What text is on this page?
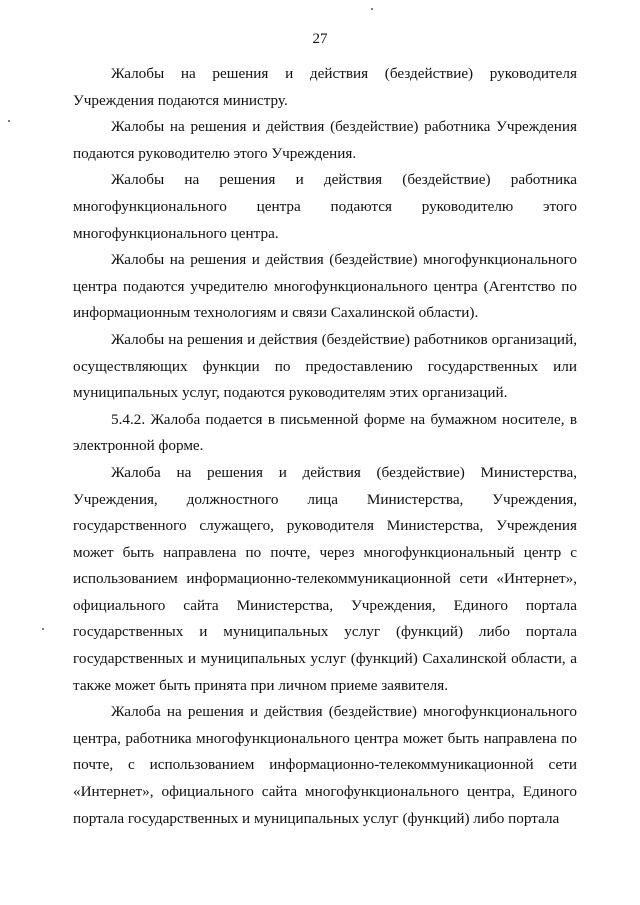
27

Жалобы на решения и действия (бездействие) руководителя Учреждения подаются министру.

Жалобы на решения и действия (бездействие) работника Учреждения подаются руководителю этого Учреждения.

Жалобы на решения и действия (бездействие) работника многофункционального центра подаются руководителю этого многофункционального центра.

Жалобы на решения и действия (бездействие) многофункционального центра подаются учредителю многофункционального центра (Агентство по информационным технологиям и связи Сахалинской области).

Жалобы на решения и действия (бездействие) работников организаций, осуществляющих функции по предоставлению государственных или муниципальных услуг, подаются руководителям этих организаций.

5.4.2. Жалоба подается в письменной форме на бумажном носителе, в электронной форме.

Жалоба на решения и действия (бездействие) Министерства, Учреждения, должностного лица Министерства, Учреждения, государственного служащего, руководителя Министерства, Учреждения может быть направлена по почте, через многофункциональный центр с использованием информационно-телекоммуникационной сети «Интернет», официального сайта Министерства, Учреждения, Единого портала государственных и муниципальных услуг (функций) либо портала государственных и муниципальных услуг (функций) Сахалинской области, а также может быть принята при личном приеме заявителя.

Жалоба на решения и действия (бездействие) многофункционального центра, работника многофункционального центра может быть направлена по почте, с использованием информационно-телекоммуникационной сети «Интернет», официального сайта многофункционального центра, Единого портала государственных и муниципальных услуг (функций) либо портала
